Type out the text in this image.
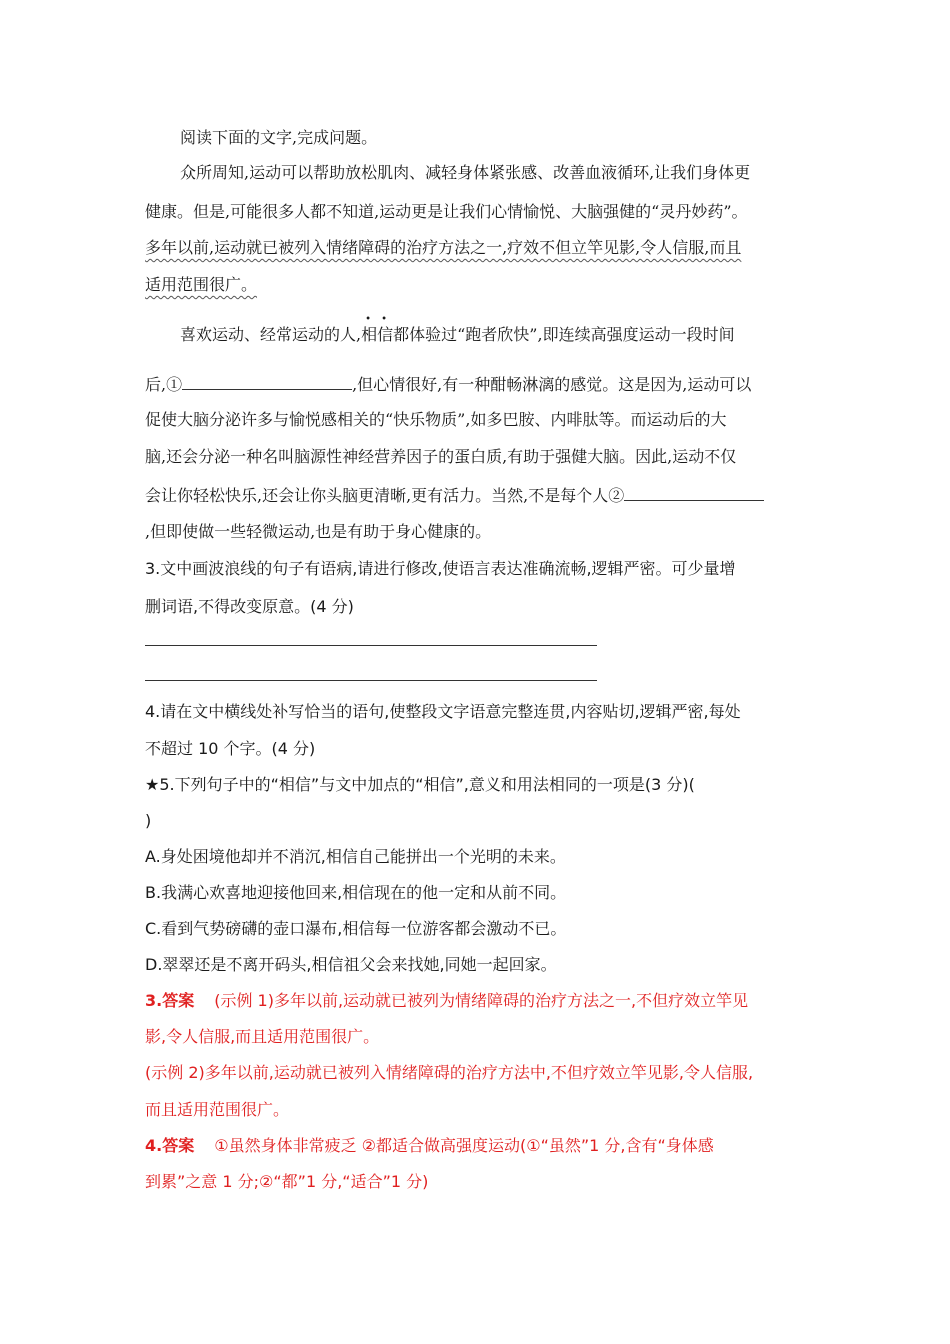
阅读下面的文字,完成问题。
众所周知,运动可以帮助放松肌肉、减轻身体紧张感、改善血液循环,让我们身体更
健康。但是,可能很多人都不知道,运动更是让我们心情愉悦、大脑强健的“灵丹妙药”。
多年以前,运动就已被列入情绪障碍的治疗方法之一,疗效不但立竿见影,令人信服,而且
适用范围很广。
喜欢运动、经常运动的人,相信都体验过“跑者欣快”,即连续高强度运动一段时间
后,①	,但心情很好,有一种酣畅淋漓的感觉。这是因为,运动可以
促使大脑分泌许多与愉悦感相关的“快乐物质”,如多巴胺、内啡肽等。而运动后的大
脑,还会分泌一种名叫脑源性神经营养因子的蛋白质,有助于强健大脑。因此,运动不仅
会让你轻松快乐,还会让你头脑更清晰,更有活力。当然,不是每个人②
,但即使做一些轻微运动,也是有助于身心健康的。
3.文中画波浪线的句子有语病,请进行修改,使语言表达准确流畅,逻辑严密。可少量增
删词语,不得改变原意。(4 分)
4.请在文中横线处补写恰当的语句,使整段文字语意完整连贯,内容贴切,逻辑严密,每处
不超过 10 个字。(4 分)
★5.下列句子中的“相信”与文中加点的“相信”,意义和用法相同的一项是(3 分)(
)
A.身处困境他却并不消沉,相信自己能拼出一个光明的未来。
B.我满心欢喜地迎接他回来,相信现在的他一定和从前不同。
C.看到气势磅礴的壶口瀑布,相信每一位游客都会激动不已。
D.翠翠还是不离开码头,相信祖父会来找她,同她一起回家。
3.答案 (示例 1)多年以前,运动就已被列为情绪障碍的治疗方法之一,不但疗效立竿见
影,令人信服,而且适用范围很广。
(示例 2)多年以前,运动就已被列入情绪障碍的治疗方法中,不但疗效立竿见影,令人信服,
而且适用范围很广。
4.答案 ①虽然身体非常疲乏 ②都适合做高强度运动(①“虽然”1 分,含有“身体感
到累”之意 1 分;②“都”1 分,“适合”1 分)
